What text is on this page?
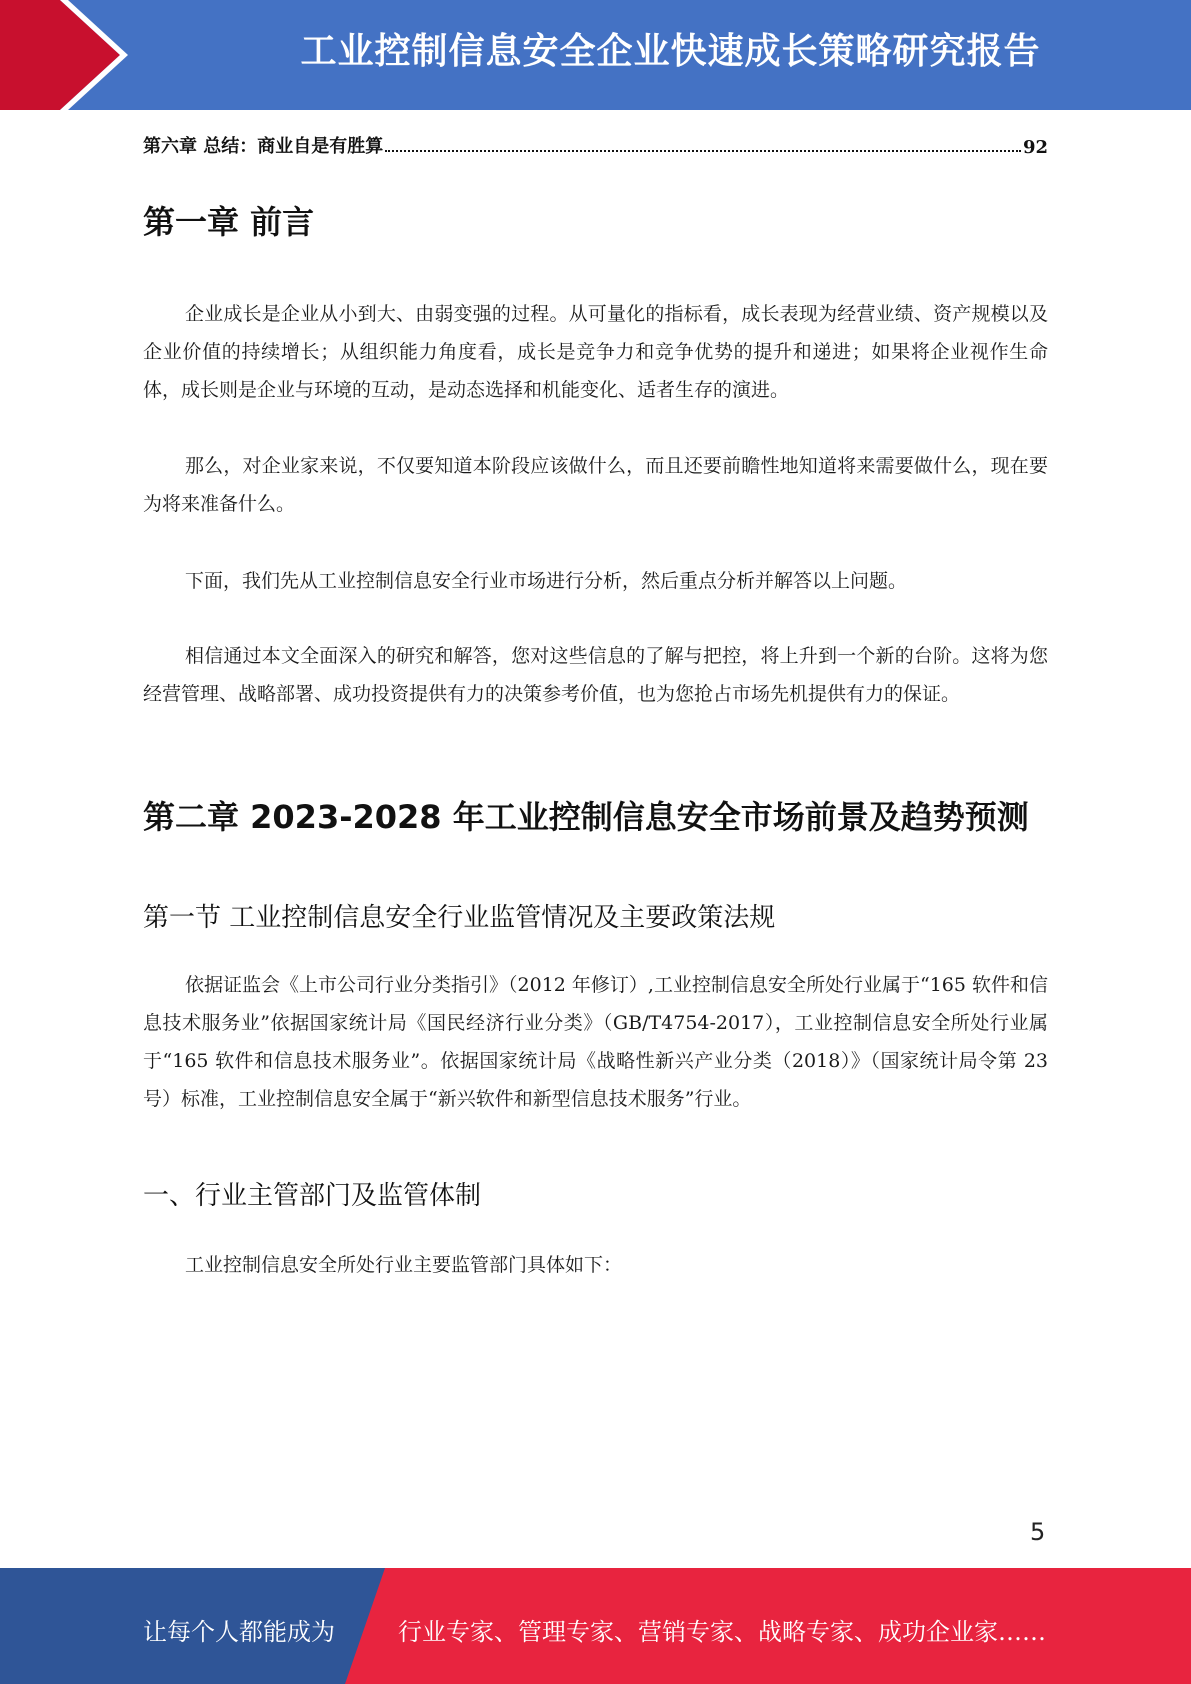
工业控制信息安全企业快速成长策略研究报告
第六章 总结：商业自是有胜算	92
第一章 前言
企业成长是企业从小到大、由弱变强的过程。从可量化的指标看，成长表现为经营业绩、资产规模以及企业价值的持续增长；从组织能力角度看，成长是竞争力和竞争优势的提升和递进；如果将企业视作生命体，成长则是企业与环境的互动，是动态选择和机能变化、适者生存的演进。
那么，对企业家来说，不仅要知道本阶段应该做什么，而且还要前瞻性地知道将来需要做什么，现在要为将来准备什么。
下面，我们先从工业控制信息安全行业市场进行分析，然后重点分析并解答以上问题。
相信通过本文全面深入的研究和解答，您对这些信息的了解与把控，将上升到一个新的台阶。这将为您经营管理、战略部署、成功投资提供有力的决策参考价值，也为您抢占市场先机提供有力的保证。
第二章 2023-2028 年工业控制信息安全市场前景及趋势预测
第一节 工业控制信息安全行业监管情况及主要政策法规
依据证监会《上市公司行业分类指引》（2012 年修订）,工业控制信息安全所处行业属于“165 软件和信息技术服务业”依据国家统计局《国民经济行业分类》（GB/T4754-2017），工业控制信息安全所处行业属于“165 软件和信息技术服务业”。依据国家统计局《战略性新兴产业分类（2018）》（国家统计局令第 23 号）标准，工业控制信息安全属于“新兴软件和新型信息技术服务”行业。
一、行业主管部门及监管体制
工业控制信息安全所处行业主要监管部门具体如下：
5
让每个人都能成为	行业专家、管理专家、营销专家、战略专家、成功企业家……
